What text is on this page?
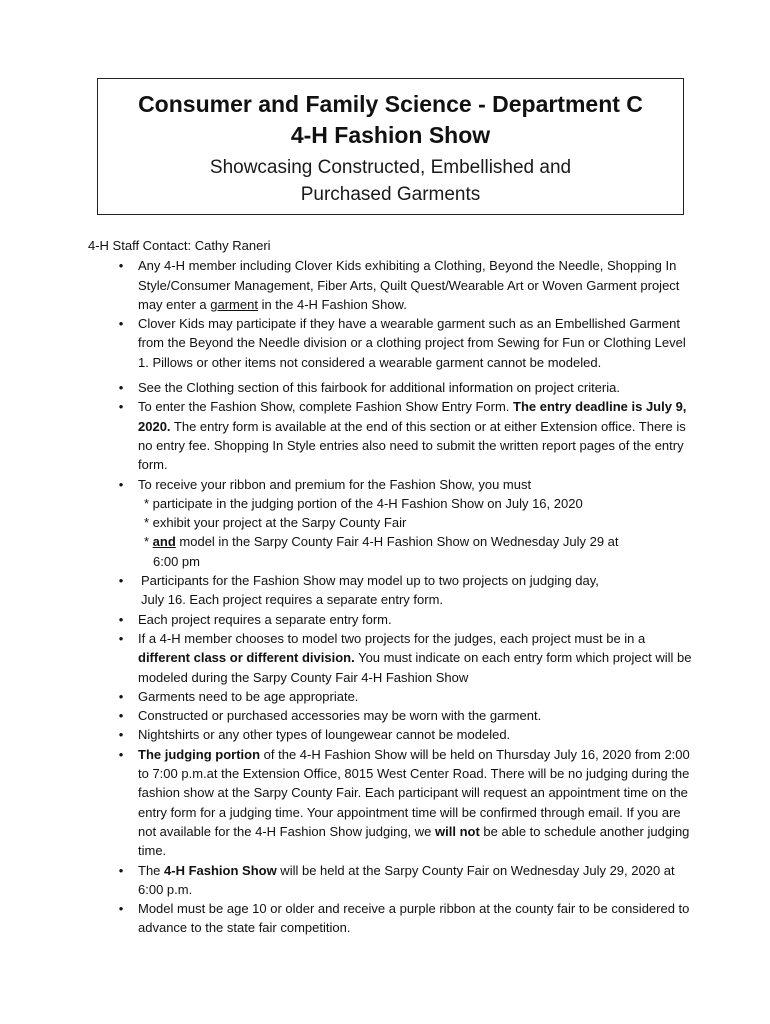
Consumer and Family Science - Department C
4-H Fashion Show
Showcasing Constructed, Embellished and
Purchased Garments
4-H Staff Contact: Cathy Raneri
• Any 4-H member including Clover Kids exhibiting a Clothing, Beyond the Needle, Shopping In Style/Consumer Management, Fiber Arts, Quilt Quest/Wearable Art or Woven Garment project may enter a garment in the 4-H Fashion Show.
• Clover Kids may participate if they have a wearable garment such as an Embellished Garment from the Beyond the Needle division or a clothing project from Sewing for Fun or Clothing Level 1. Pillows or other items not considered a wearable garment cannot be modeled.
• See the Clothing section of this fairbook for additional information on project criteria.
• To enter the Fashion Show, complete Fashion Show Entry Form. The entry deadline is July 9, 2020. The entry form is available at the end of this section or at either Extension office. There is no entry fee. Shopping In Style entries also need to submit the written report pages of the entry form.
• To receive your ribbon and premium for the Fashion Show, you must
* participate in the judging portion of the 4-H Fashion Show on July 16, 2020
* exhibit your project at the Sarpy County Fair
* and model in the Sarpy County Fair 4-H Fashion Show on Wednesday July 29 at
6:00 pm
• Participants for the Fashion Show may model up to two projects on judging day,
July 16. Each project requires a separate entry form.
• Each project requires a separate entry form.
• If a 4-H member chooses to model two projects for the judges, each project must be in a different class or different division. You must indicate on each entry form which project will be modeled during the Sarpy County Fair 4-H Fashion Show
• Garments need to be age appropriate.
• Constructed or purchased accessories may be worn with the garment.
• Nightshirts or any other types of loungewear cannot be modeled.
• The judging portion of the 4-H Fashion Show will be held on Thursday July 16, 2020 from 2:00 to 7:00 p.m.at the Extension Office, 8015 West Center Road. There will be no judging during the fashion show at the Sarpy County Fair. Each participant will request an appointment time on the entry form for a judging time. Your appointment time will be confirmed through email. If you are not available for the 4-H Fashion Show judging, we will not be able to schedule another judging time.
• The 4-H Fashion Show will be held at the Sarpy County Fair on Wednesday July 29, 2020 at 6:00 p.m.
• Model must be age 10 or older and receive a purple ribbon at the county fair to be considered to advance to the state fair competition.
